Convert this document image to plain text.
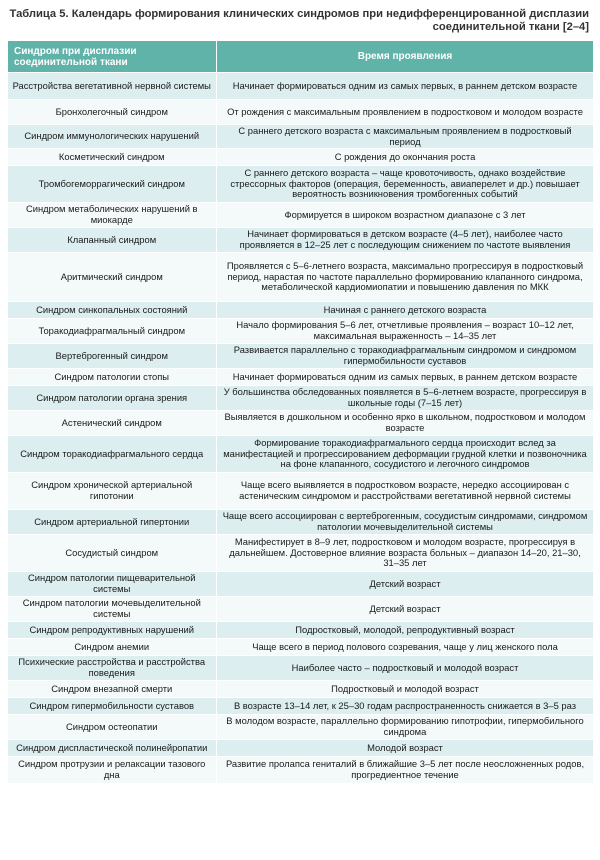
Таблица 5. Календарь формирования клинических синдромов при недифференцированной дисплазии
соединительной ткани [2–4]
Синдром при дисплазии соединительной ткани	Время проявления
Расстройства вегетативной нервной системы	Начинает формироваться одним из самых первых, в раннем детском возрасте
Бронхолегочный синдром	От рождения с максимальным проявлением в подростковом и молодом возрасте
Синдром иммунологических нарушений	С раннего детского возраста с максимальным проявлением в подростковый период
Косметический синдром	С рождения до окончания роста
Тромбогеморрагический синдром	С раннего детского возраста – чаще кровоточивость, однако воздействие стрессорных факторов (операция, беременность, авиаперелет и др.) повышает вероятность возникновения тромбогенных событий
Синдром метаболических нарушений в миокарде	Формируется в широком возрастном диапазоне с 3 лет
Клапанный синдром	Начинает формироваться в детском возрасте (4–5 лет), наиболее часто проявляется в 12–25 лет с последующим снижением по частоте выявления
Аритмический синдром	Проявляется с 5–6-летнего возраста, максимально прогрессируя в подростковый период, нарастая по частоте параллельно формированию клапанного синдрома, метаболической кардиомиопатии и повышению давления по МКК
Синдром синкопальных состояний	Начиная с раннего детского возраста
Торакодиафрагмальный синдром	Начало формирования 5–6 лет, отчетливые проявления – возраст 10–12 лет, максимальная выраженность – 14–35 лет
Вертеброгенный синдром	Развивается параллельно с торакодиафрагмальным синдромом и синдромом гипермобильности суставов
Синдром патологии стопы	Начинает формироваться одним из самых первых, в раннем детском возрасте
Синдром патологии органа зрения	У большинства обследованных появляется в 5–6-летнем возрасте, прогрессируя в школьные годы (7–15 лет)
Астенический синдром	Выявляется в дошкольном и особенно ярко в школьном, подростковом и молодом возрасте
Синдром торакодиафрагмального сердца	Формирование торакодиафрагмального сердца происходит вслед за манифестацией и прогрессированием деформации грудной клетки и позвоночника на фоне клапанного, сосудистого и легочного синдромов
Синдром хронической артериальной гипотонии	Чаще всего выявляется в подростковом возрасте, нередко ассоциирован с астеническим синдромом и расстройствами вегетативной нервной системы
Синдром артериальной гипертонии	Чаще всего ассоциирован с вертеброгенным, сосудистым синдромами, синдромом патологии мочевыделительной системы
Сосудистый синдром	Манифестирует в 8–9 лет, подростковом и молодом возрасте, прогрессируя в дальнейшем. Достоверное влияние возраста больных – диапазон 14–20, 21–30, 31–35 лет
Синдром патологии пищеварительной системы	Детский возраст
Синдром патологии мочевыделительной системы	Детский возраст
Синдром репродуктивных нарушений	Подростковый, молодой, репродуктивный возраст
Синдром анемии	Чаще всего в период полового созревания, чаще у лиц женского пола
Психические расстройства и расстройства поведения	Наиболее часто – подростковый и молодой возраст
Синдром внезапной смерти	Подростковый и молодой возраст
Синдром гипермобильности суставов	В возрасте 13–14 лет, к 25–30 годам распространенность снижается в 3–5 раз
Синдром остеопатии	В молодом возрасте, параллельно формированию гипотрофии, гипермобильного синдрома
Синдром диспластической полинейропатии	Молодой возраст
Синдром протрузии и релаксации тазового дна	Развитие пролапса гениталий в ближайшие 3–5 лет после неосложненных родов, прогредиентное течение
